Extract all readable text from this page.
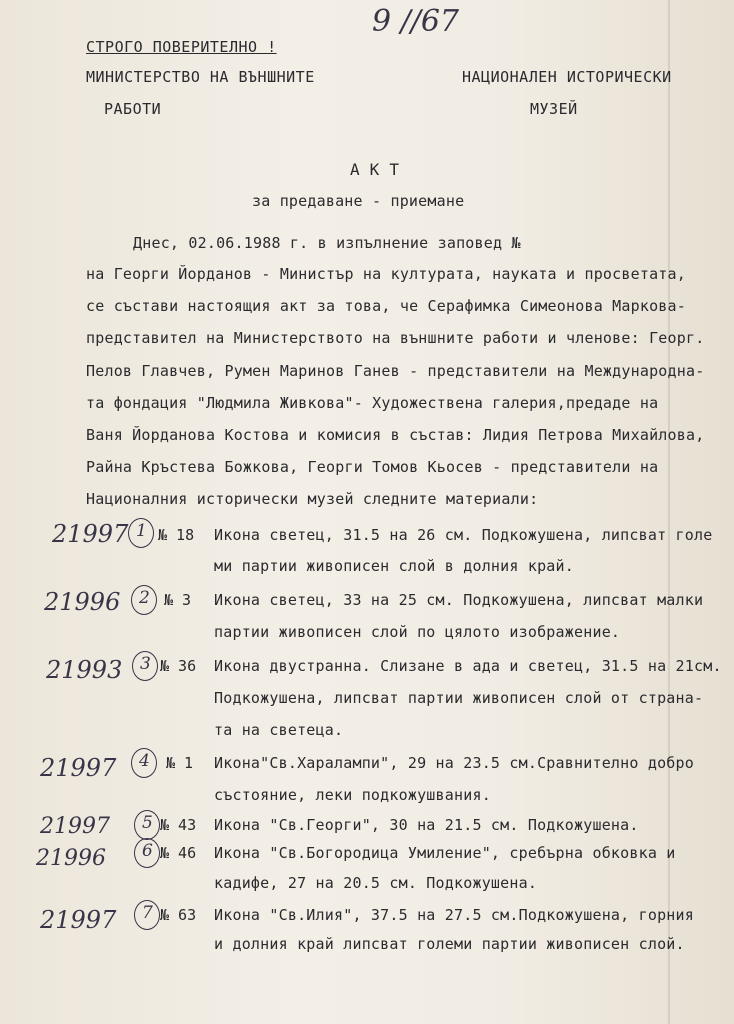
9 //67
СТРОГО ПОВЕРИТЕЛНО !
МИНИСТЕРСТВО НА ВЪНШНИТЕ
РАБОТИ
НАЦИОНАЛЕН ИСТОРИЧЕСКИ
МУЗЕЙ
А К Т
за предаване - приемане
Днес, 02.06.1988 г. в изпълнение заповед №
на Георги Йорданов - Министър на културата, науката и просветата,
се състави настоящия акт за това, че Серафимка Симеонова Маркова-
представител на Министерството на външните работи и членове: Георг.
Пелов Главчев, Румен Маринов Ганев - представители на Международна-
та фондация "Людмила Живкова"- Художествена галерия,предаде на
Ваня Йорданова Костова и комисия в състав: Лидия Петрова Михайлова,
Райна Кръстева Божкова, Георги Томов Кьосев - представители на
Националния исторически музей следните материали:
21997 1 № 18 Икона светец, 31.5 на 26 см. Подкожушена, липсват голе
ми партии живописен слой в долния край.
21996 2 № 3 Икона светец, 33 на 25 см. Подкожушена, липсват малки
партии живописен слой по цялото изображение.
21993 3 № 36 Икона двустранна. Слизане в ада и светец, 31.5 на 21см.
Подкожушена, липсват партии живописен слой от страна-
та на светеца.
21997 4 № 1 Икона"Св.Харалампи", 29 на 23.5 см.Сравнително добро
състояние, леки подкожушвания.
21997 5 № 43 Икона "Св.Георги", 30 на 21.5 см. Подкожушена.
21996 6 № 46 Икона "Св.Богородица Умиление", сребърна обковка и
кадифе, 27 на 20.5 см. Подкожушена.
21997 7 № 63 Икона "Св.Илия", 37.5 на 27.5 см.Подкожушена, горния
и долния край липсват големи партии живописен слой.
